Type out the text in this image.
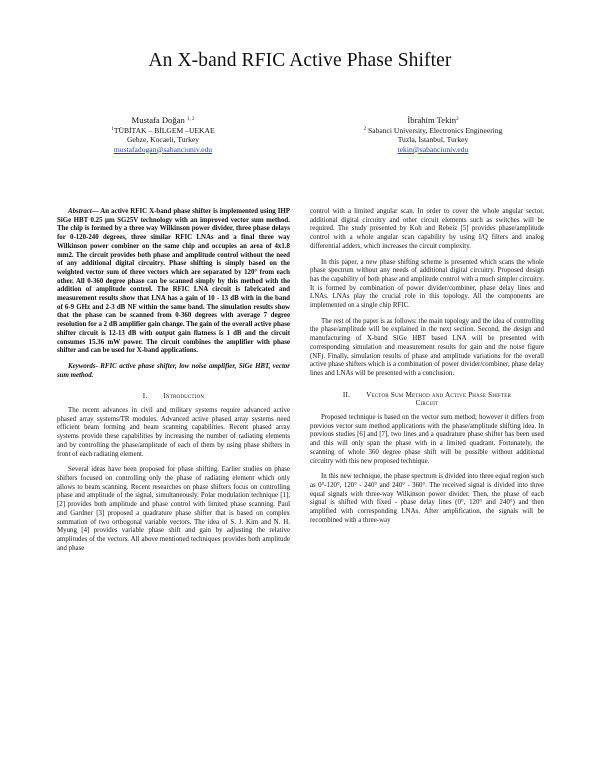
An X-band RFIC Active Phase Shifter
Mustafa Doğan $^{1, 2}$
$^1$TÜBİTAK – BİLGEM –UEKAE
Gebze, Kocaeli, Turkey
mustafadogan@sabanciuniv.edu
İbrahim Tekin$^2$
$^2$ Sabanci University, Electronics Engineering
Tuzla, İstanbul, Turkey
tekin@sabanciuniv.edu

Abstract— An active RFIC X-band phase shifter is implemented using IHP SiGe HBT 0.25 µm SG25V technology with an improved vector sum method. The chip is formed by a three way Wilkinson power divider, three phase delays for 0-120-240 degrees, three similar RFIC LNAs and a final three way Wilkinson power combiner on the same chip and occupies an area of 4x1.8 mm2. The circuit provides both phase and amplitude control without the need of any additional digital circuitry. Phase shifting is simply based on the weighted vector sum of three vectors which are separated by 120° from each other. All 0-360 degree phase can be scanned simply by this method with the addition of amplitude control. The RFIC LNA circuit is fabricated and measurement results show that LNA has a gain of 10 - 13 dB with in the band of 6-9 GHz and 2-3 dB NF within the same band. The simulation results show that the phase can be scanned from 0-360 degrees with average 7 degree resolution for a 2 dB amplifier gain change. The gain of the overall active phase shifter circuit is 12-13 dB with output gain flatness is 1 dB and the circuit consumes 15.36 mW power. The circuit combines the amplifier with phase shifter and can be used for X-band applications.

Keywords- RFIC active phase shifter, low noise amplifier, SiGe HBT, vector sum method.

I. Introduction

The recent advances in civil and military systems require advanced active phased array systems/TR modules. Advanced active phased array systems need efficient beam forming and beam scanning capabilities. Recent phased array systems provide these capabilities by increasing the number of radiating elements and by controlling the phase/amplitude of each of them by using phase shifters in front of each radiating element.

Several ideas have been proposed for phase shifting. Earlier studies on phase shifters focused on controlling only the phase of radiating element which only allows to beam scanning. Recent researches on phase shifters focus on controlling phase and amplitude of the signal, simultaneously. Polar modulation technique [1], [2] provides both amplitude and phase control with limited phase scanning. Paul and Gardner [3] proposed a quadrature phase shifter that is based on complex summation of two orthogonal variable vectors. The idea of S. J. Kim and N. H. Myung [4] provides variable phase shift and gain by adjusting the relative amplitudes of the vectors. All above mentioned techniques provides both amplitude and phase

control with a limited angular scan. In order to cover the whole angular sector, additional digital circuitry and other circuit elements such as switches will be required. The study presented by Koh and Rebeiz [5] provides phase/amplitude control with a whole angular scan capability by using I/Q filters and analog differential adders, which increases the circuit complexity.

In this paper, a new phase shifting scheme is presented which scans the whole phase spectrum without any needs of additional digital circuitry. Proposed design has the capability of both phase and amplitude control with a much simpler circuitry. It is formed by combination of power divider/combiner, phase delay lines and LNAs. LNAs play the crucial role in this topology. All the components are implemented on a single chip RFIC.

The rest of the paper is as follows: the main topology and the idea of controlling the phase/amplitude will be explained in the next section. Second, the design and manufacturing of X-band SiGe HBT based LNA will be presented with corresponding simulation and measurement results for gain and the noise figure (NF). Finally, simulation results of phase and amplitude variations for the overall active phase shifters which is a combination of power divider/combiner, phase delay lines and LNAs will be presented with a conclusion.

II. Vector Sum Method and Active Phase Shifter
Circuit

Proposed technique is based on the vector sum method; however it differs from previous vector sum method applications with the phase/amplitude shifting idea. In previous studies [6] and [7], two lines and a quadrature phase shifter has been used and this will only span the phase with in a limited quadrant. Fortunately, the scanning of whole 360 degree phase shift will be possible without additional circuitry with this new proposed technique.

In this new technique, the phase spectrum is divided into three equal region such as 0°-120°, 120° - 240° and 240° - 360°. The received signal is divided into three equal signals with three-way Wilkinson power divider. Then, the phase of each signal is shifted with fixed - phase delay lines (0°, 120° and 240°) and then amplified with corresponding LNAs. After amplification, the signals will be recombined with a three-way
